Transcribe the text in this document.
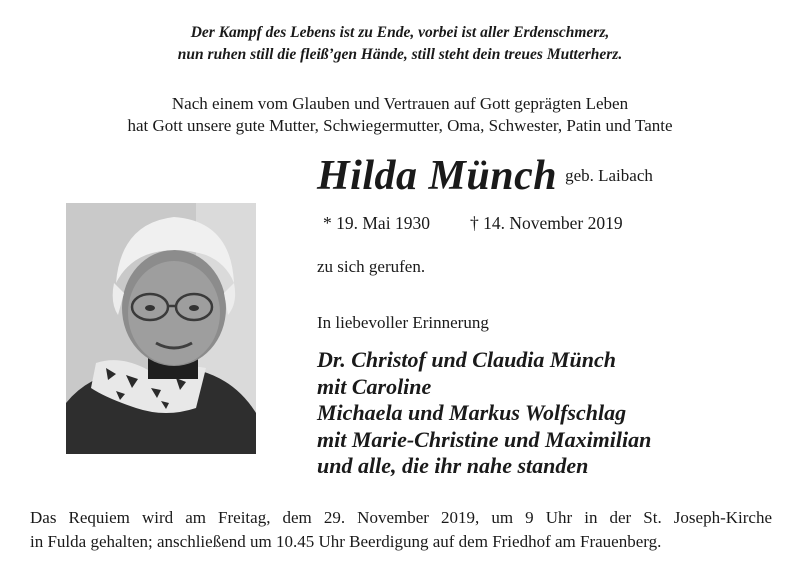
Der Kampf des Lebens ist zu Ende, vorbei ist aller Erdenschmerz,
nun ruhen still die fleiß’gen Hände, still steht dein treues Mutterherz.
Nach einem vom Glauben und Vertrauen auf Gott geprägten Leben
hat Gott unsere gute Mutter, Schwiegermutter, Oma, Schwester, Patin und Tante
Hilda Münch geb. Laibach
* 19. Mai 1930 † 14. November 2019
zu sich gerufen.
In liebevoller Erinnerung
Dr. Christof und Claudia Münch
mit Caroline
Michaela und Markus Wolfschlag
mit Marie-Christine und Maximilian
und alle, die ihr nahe standen
Das Requiem wird am Freitag, dem 29. November 2019, um 9 Uhr in der St. Joseph-Kirche
in Fulda gehalten; anschließend um 10.45 Uhr Beerdigung auf dem Friedhof am Frauenberg.
